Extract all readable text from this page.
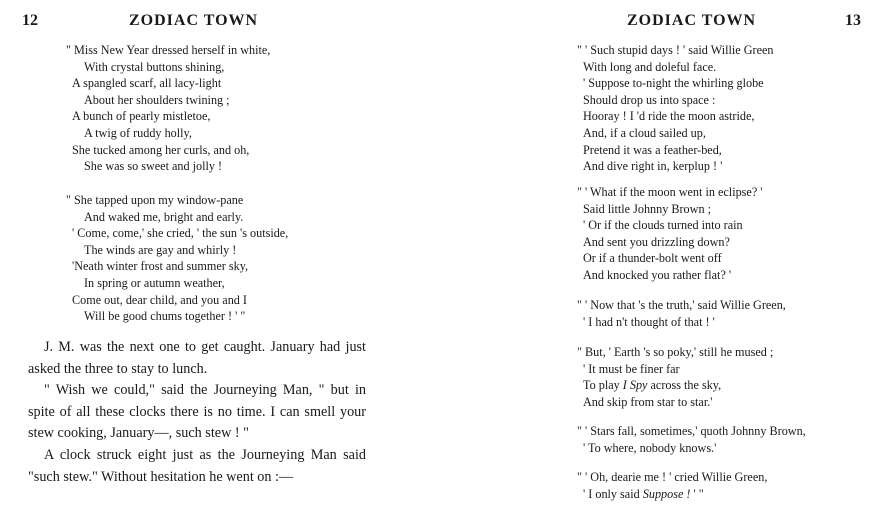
12	ZODIAC TOWN
" Miss New Year dressed herself in white,
With crystal buttons shining,
A spangled scarf, all lacy-light
About her shoulders twining ;
A bunch of pearly mistletoe,
A twig of ruddy holly,
She tucked among her curls, and oh,
She was so sweet and jolly !
" She tapped upon my window-pane
And waked me, bright and early.
' Come, come,' she cried, ' the sun 's outside,
The winds are gay and whirly !
'Neath winter frost and summer sky,
In spring or autumn weather,
Come out, dear child, and you and I
Will be good chums together ! ' "

J. M. was the next one to get caught. January had just asked the three to stay to lunch.

" Wish we could," said the Journeying Man, " but in spite of all these clocks there is no time. I can smell your stew cooking, January—, such stew ! "

A clock struck eight just as the Journeying Man said "such stew." Without hesitation he went on :—

ZODIAC TOWN	13
" ' Such stupid days ! ' said Willie Green
With long and doleful face.
' Suppose to-night the whirling globe
Should drop us into space :
Hooray ! I 'd ride the moon astride,
And, if a cloud sailed up,
Pretend it was a feather-bed,
And dive right in, kerplup ! '
" ' What if the moon went in eclipse? '
Said little Johnny Brown ;
' Or if the clouds turned into rain
And sent you drizzling down?
Or if a thunder-bolt went off
And knocked you rather flat? '
" ' Now that 's the truth,' said Willie Green,
' I had n't thought of that ! '
" But, ' Earth 's so poky,' still he mused ;
' It must be finer far
To play I Spy across the sky,
And skip from star to star.'
" ' Stars fall, sometimes,' quoth Johnny Brown,
' To where, nobody knows.'
" ' Oh, dearie me ! ' cried Willie Green,
' I only said Suppose ! ' "
